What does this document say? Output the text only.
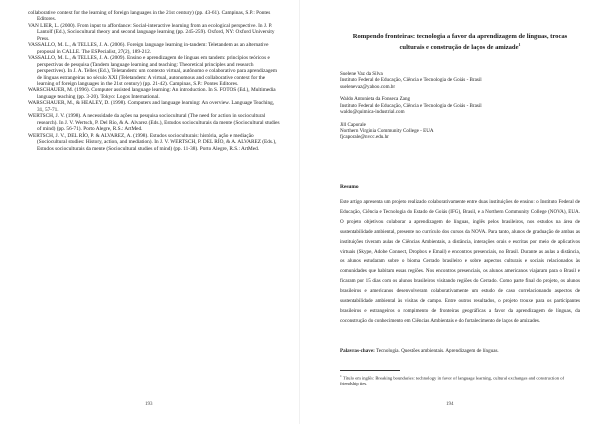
collaborative context for the learning of foreign languages in the 21st century) (pp. 43-61). Campinas, S.P.: Pontes Editores.

VAN LIER, L. (2000). From input to affordance: Social-interactive learning from an ecological perspective. In J. P. Lantolf (Ed.), Sociocultural theory and second language learning (pp. 245-259). Oxford, NY: Oxford University Press.

VASSALLO, M. L., & TELLES, J. A. (2006). Foreign language learning in-tandem: Teletandem as an alternative proposal in CALLE. The ESPecialist, 27(2), 189-212.

VASSALLO, M. L., & TELLES, J. A. (2009). Ensino e aprendizagem de línguas em tandem: princípios teóricos e perspectivas de pesquisa (Tandem language learning and teaching: Theoretical principles and research perspectives). In J. A. Telles (Ed.), Teletandem: um contexto virtual, autônomo e colaborativo para aprendizagem de línguas estrangeiras no século XXI (Teletandem: A virtual, autonomous and collaborative context for the learning of foreign languages in the 21st century) (pp. 21-42). Campinas, S.P.: Pontes Editores.

WARSCHAUER, M. (1996). Computer assisted language learning: An introduction. In S. FOTOS (Ed.), Multimedia language teaching (pp. 3-20). Tokyo: Logos International.

WARSCHAUER, M., & HEALEY, D. (1998). Computers and language learning: An overview. Language Teaching, 31, 57-71.

WERTSCH, J. V. (1998). A necessidade da ações na pesquisa sociocultural (The need for action in sociocultural research). In J. V. Wertsch, P. Del Río, & A. Alvarez (Eds.), Estudos socioculturais da mente (Sociocultural studies of mind) (pp. 56-71). Porto Alegre, R.S.: ArtMed.

WERTSCH, J. V., DEL RÍO, P. & ALVAREZ, A. (1998). Estudos socioculturais: história, ação e mediação (Sociocultural studies: History, action, and mediation). In J. V. WERTSCH, P. DEL RÍO, & A. ALVAREZ (Eds.), Estudos socioculturais da mente (Sociocultural studies of mind) (pp. 11-38). Porto Alegre, R.S.: ArtMed.

193
Rompendo fronteiras: tecnologia a favor da aprendizagem de línguas, trocas culturais e construção de laços de amizade$^1$

Suelene Vaz da Silva

Instituto Federal de Educação, Ciência e Tecnologia de Goiás - Brasil

suelenevaz@yahoo.com.br

Waldo Antonieta da Fonseca Zang

Instituto Federal de Educação, Ciência e Tecnologia de Goiás - Brasil

waldo@quimica-industrial.com

Jill Caporale

Northern Virginia Community College - EUA

fjcaporale@nvcc.edu.hr

Resumo

Este artigo apresenta um projeto realizado colaborativamente entre duas instituições de ensino: o Instituto Federal de Educação, Ciência e Tecnologia do Estado de Goiás (IFG), Brasil, e a Northern Community College (NOVA), EUA. O projeto objetivou colaborar a aprendizagem de línguas, inglês pelos brasileiros, nos estudos na área de sustentabilidade ambiental, presente no currículo dos cursos da NOVA. Para tanto, alunos de graduação de ambas as instituições tiveram aulas de Ciências Ambientais, a distância, interações orais e escritas por meio de aplicativos virtuais (Skype, Adobe Connect, Dropbox e Email) e encontros presenciais, no Brasil. Durante as aulas a distância, os alunos estudaram sobre o bioma Cerrado brasileiro e sobre aspectos culturais e sociais relacionados às comunidades que habitam essas regiões. Nos encontros presenciais, os alunos americanos viajaram para o Brasil e ficaram por 15 dias com os alunos brasileiros visitando regiões do Cerrado. Como parte final do projeto, os alunos brasileiros e americanos desenvolveram colaborativamente um estudo de caso correlacionando aspectos de sustentabilidade ambiental às visitas de campo. Entre outros resultados, o projeto trouxe para os participantes brasileiros e estrangeiros o rompimento de fronteiras geográficas a favor da aprendizagem de línguas, da coconstrução do conhecimento em Ciências Ambientais e do fortalecimento de laços de amizades.

Palavras-chave: Tecnologia. Questões ambientais. Aprendizagem de línguas.

$^1$ Título em inglês: Breaking boundaries: technology in favor of language learning, cultural exchanges and construction of friendship ties.

194
